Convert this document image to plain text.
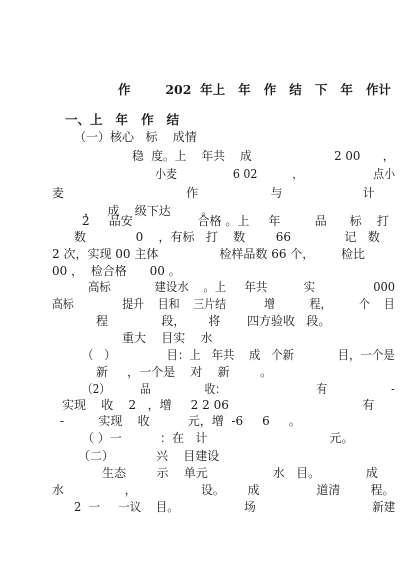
作        202  年上   年   作   结   下   年   作计
一、上   年   作   结
（一）核心   标    成情
稳  度。上    年共    成                      2 00      ，
小麦                6 02          ，                    点小
麦                                作                   与                     计
，   成    级下达        。
2     品安                 合格 。上     年         品      标    打
数             0    ，有标   打    数        66              记   数
2 次，实现 00 主体                检样品数 66 个，       检比
00 ，  检合格      00 。
高标            建设水    。上     年共          实                000
高标              提升    目和    三片结           增          程，        个    目
程              段，      将       四方验收   段。
重大    目实    水
（   ）              目：上   年共    成   个新            目，一个是
新     ，一个是    对    新        。
（2）         品                收：                           有                   -
实现    收    2   ，增     2 2 06                                   有
-         实现    收          元，增  -6     6     。
（ ）一          ：在   计                                元。
（二）           兴    目建设
生态        示    单元                 水   目。            成
水                ，                 设。      成               道清        程。
2  一     一议    目。                  场                                新建
